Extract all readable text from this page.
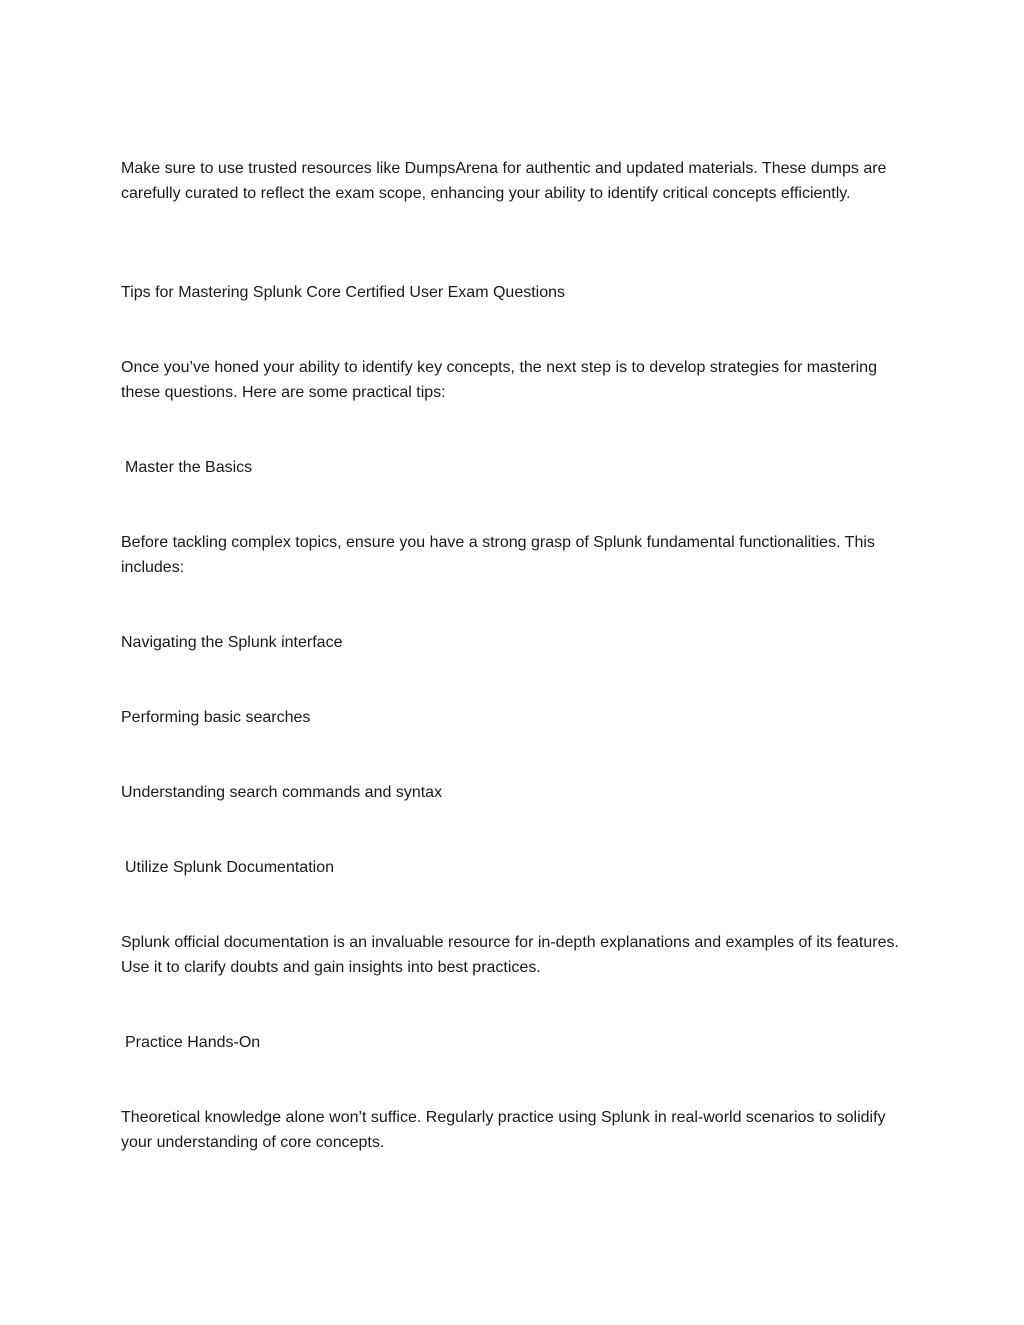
Make sure to use trusted resources like DumpsArena for authentic and updated materials. These dumps are carefully curated to reflect the exam scope, enhancing your ability to identify critical concepts efficiently.

Tips for Mastering Splunk Core Certified User Exam Questions

Once you’ve honed your ability to identify key concepts, the next step is to develop strategies for mastering these questions. Here are some practical tips:

Master the Basics

Before tackling complex topics, ensure you have a strong grasp of Splunk fundamental functionalities. This includes:

Navigating the Splunk interface

Performing basic searches

Understanding search commands and syntax

Utilize Splunk Documentation

Splunk official documentation is an invaluable resource for in-depth explanations and examples of its features. Use it to clarify doubts and gain insights into best practices.

Practice Hands-On

Theoretical knowledge alone won’t suffice. Regularly practice using Splunk in real-world scenarios to solidify your understanding of core concepts.
